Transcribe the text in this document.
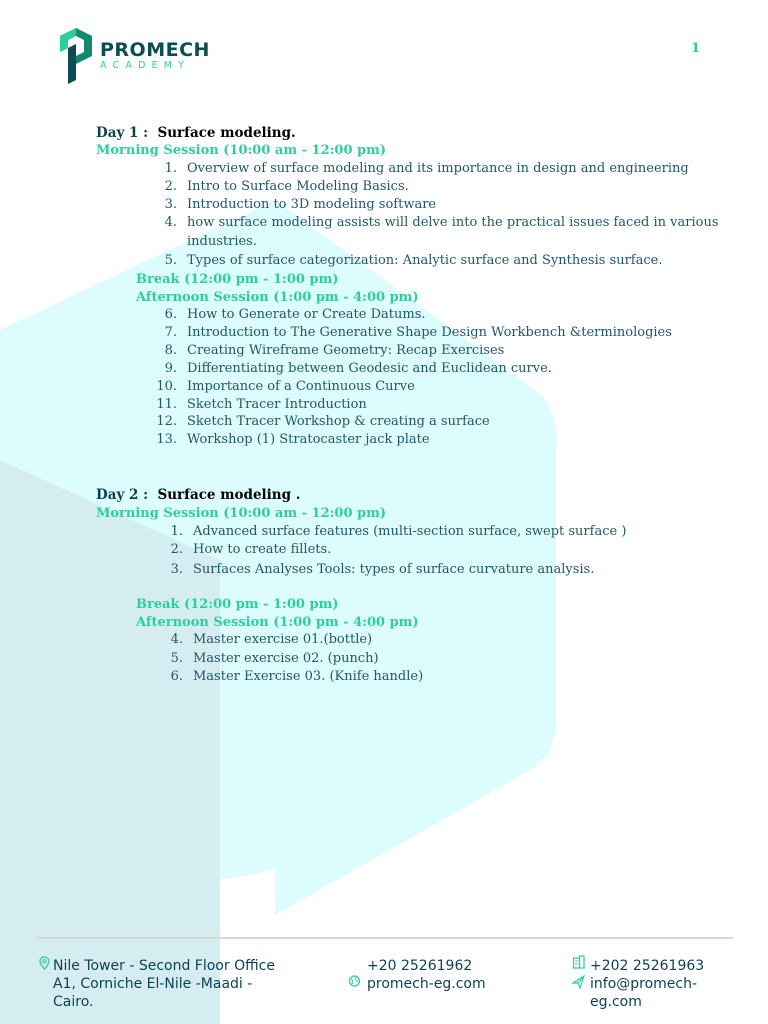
PROMECH
ACADEMY
1
Day 1 : Surface modeling.
Morning Session (10:00 am - 12:00 pm)
1. Overview of surface modeling and its importance in design and engineering
2. Intro to Surface Modeling Basics.
3. Introduction to 3D modeling software
4. how surface modeling assists will delve into the practical issues faced in various
industries.
5. Types of surface categorization: Analytic surface and Synthesis surface.
Break (12:00 pm - 1:00 pm)
Afternoon Session (1:00 pm - 4:00 pm)
6. How to Generate or Create Datums.
7. Introduction to The Generative Shape Design Workbench &terminologies
8. Creating Wireframe Geometry: Recap Exercises
9. Differentiating between Geodesic and Euclidean curve.
10. Importance of a Continuous Curve
11. Sketch Tracer Introduction
12. Sketch Tracer Workshop & creating a surface
13. Workshop (1) Stratocaster jack plate
Day 2 : Surface modeling .
Morning Session (10:00 am - 12:00 pm)
1. Advanced surface features (multi-section surface, swept surface )
2. How to create fillets.
3. Surfaces Analyses Tools: types of surface curvature analysis.
Break (12:00 pm - 1:00 pm)
Afternoon Session (1:00 pm - 4:00 pm)
4. Master exercise 01.(bottle)
5. Master exercise 02. (punch)
6. Master Exercise 03. (Knife handle)
Nile Tower - Second Floor Office
A1, Corniche El-Nile -Maadi -
Cairo.
+20 25261962
promech-eg.com
+202 25261963
info@promech-
eg.com
